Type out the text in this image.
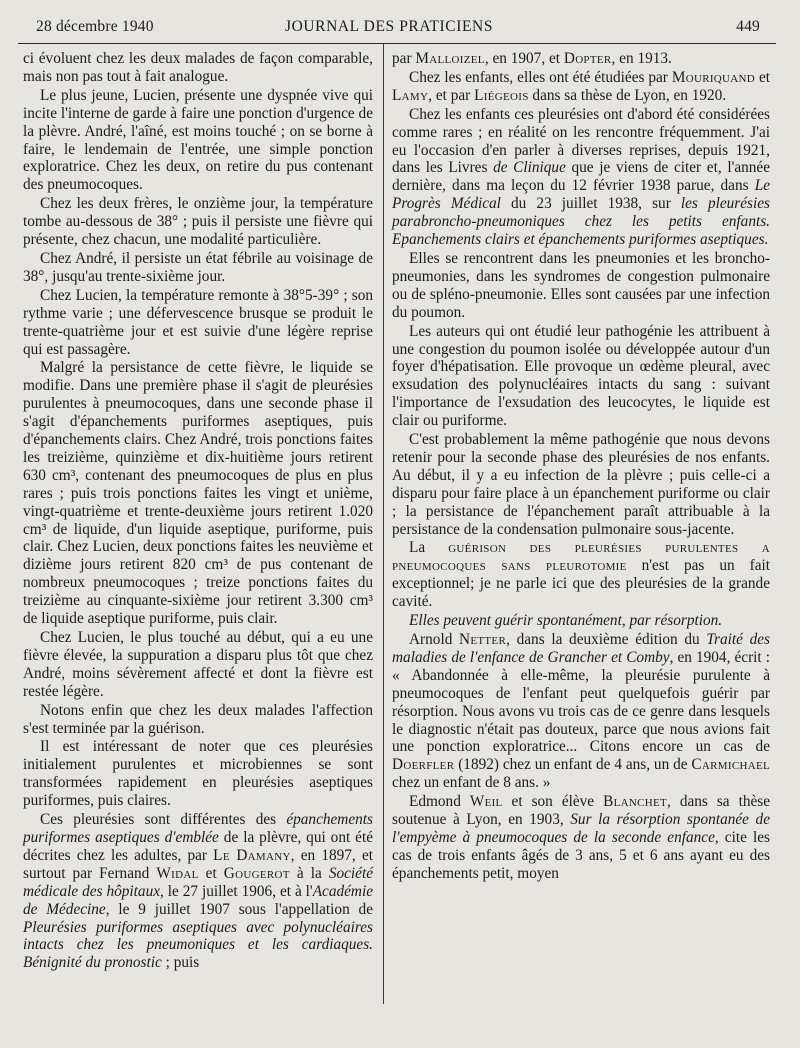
28 décembre 1940	JOURNAL DES PRATICIENS	449

ci évoluent chez les deux malades de façon comparable, mais non pas tout à fait analogue.

Le plus jeune, Lucien, présente une dyspnée vive qui incite l'interne de garde à faire une ponction d'urgence de la plèvre. André, l'aîné, est moins touché ; on se borne à faire, le lendemain de l'entrée, une simple ponction exploratrice. Chez les deux, on retire du pus contenant des pneumocoques.

Chez les deux frères, le onzième jour, la température tombe au-dessous de 38° ; puis il persiste une fièvre qui présente, chez chacun, une modalité particulière.

Chez André, il persiste un état fébrile au voisinage de 38°, jusqu'au trente-sixième jour.

Chez Lucien, la température remonte à 38°5-39° ; son rythme varie ; une défervescence brusque se produit le trente-quatrième jour et est suivie d'une légère reprise qui est passagère.

Malgré la persistance de cette fièvre, le liquide se modifie. Dans une première phase il s'agit de pleurésies purulentes à pneumocoques, dans une seconde phase il s'agit d'épanchements puriformes aseptiques, puis d'épanchements clairs. Chez André, trois ponctions faites les treizième, quinzième et dix-huitième jours retirent 630 cm³, contenant des pneumocoques de plus en plus rares ; puis trois ponctions faites les vingt et unième, vingt-quatrième et trente-deuxième jours retirent 1.020 cm³ de liquide, d'un liquide aseptique, puriforme, puis clair. Chez Lucien, deux ponctions faites les neuvième et dizième jours retirent 820 cm³ de pus contenant de nombreux pneumocoques ; treize ponctions faites du treizième au cinquante-sixième jour retirent 3.300 cm³ de liquide aseptique puriforme, puis clair.

Chez Lucien, le plus touché au début, qui a eu une fièvre élevée, la suppuration a disparu plus tôt que chez André, moins sévèrement affecté et dont la fièvre est restée légère.

Notons enfin que chez les deux malades l'affection s'est terminée par la guérison.

Il est intéressant de noter que ces pleurésies initialement purulentes et microbiennes se sont transformées rapidement en pleurésies aseptiques puriformes, puis claires.

Ces pleurésies sont différentes des épanchements puriformes aseptiques d'emblée de la plèvre, qui ont été décrites chez les adultes, par Le Damany, en 1897, et surtout par Fernand Widal et Gougerot à la Société médicale des hôpitaux, le 27 juillet 1906, et à l'Académie de Médecine, le 9 juillet 1907 sous l'appellation de Pleurésies puriformes aseptiques avec polynucléaires intacts chez les pneumoniques et les cardiaques. Bénignité du pronostic ; puis

par Malloizel, en 1907, et Dopter, en 1913.

Chez les enfants, elles ont été étudiées par Mouriquand et Lamy, et par Liégeois dans sa thèse de Lyon, en 1920.

Chez les enfants ces pleurésies ont d'abord été considérées comme rares ; en réalité on les rencontre fréquemment. J'ai eu l'occasion d'en parler à diverses reprises, depuis 1921, dans les Livres de Clinique que je viens de citer et, l'année dernière, dans ma leçon du 12 février 1938 parue, dans Le Progrès Médical du 23 juillet 1938, sur les pleurésies parabroncho-pneumoniques chez les petits enfants. Epanchements clairs et épanchements puriformes aseptiques.

Elles se rencontrent dans les pneumonies et les broncho-pneumonies, dans les syndromes de congestion pulmonaire ou de spléno-pneumonie. Elles sont causées par une infection du poumon.

Les auteurs qui ont étudié leur pathogénie les attribuent à une congestion du poumon isolée ou développée autour d'un foyer d'hépatisation. Elle provoque un œdème pleural, avec exsudation des polynucléaires intacts du sang : suivant l'importance de l'exsudation des leucocytes, le liquide est clair ou puriforme.

C'est probablement la même pathogénie que nous devons retenir pour la seconde phase des pleurésies de nos enfants. Au début, il y a eu infection de la plèvre ; puis celle-ci a disparu pour faire place à un épanchement puriforme ou clair ; la persistance de l'épanchement paraît attribuable à la persistance de la condensation pulmonaire sous-jacente.

La guérison des pleurésies purulentes a pneumocoques sans pleurotomie n'est pas un fait exceptionnel; je ne parle ici que des pleurésies de la grande cavité.

Elles peuvent guérir spontanément, par résorption.

Arnold Netter, dans la deuxième édition du Traité des maladies de l'enfance de Grancher et Comby, en 1904, écrit : « Abandonnée à elle-même, la pleurésie purulente à pneumocoques de l'enfant peut quelquefois guérir par résorption. Nous avons vu trois cas de ce genre dans lesquels le diagnostic n'était pas douteux, parce que nous avions fait une ponction exploratrice... Citons encore un cas de Doerfler (1892) chez un enfant de 4 ans, un de Carmichael chez un enfant de 8 ans. »

Edmond Weil et son élève Blanchet, dans sa thèse soutenue à Lyon, en 1903, Sur la résorption spontanée de l'empyème à pneumocoques de la seconde enfance, cite les cas de trois enfants âgés de 3 ans, 5 et 6 ans ayant eu des épanchements petit, moyen
